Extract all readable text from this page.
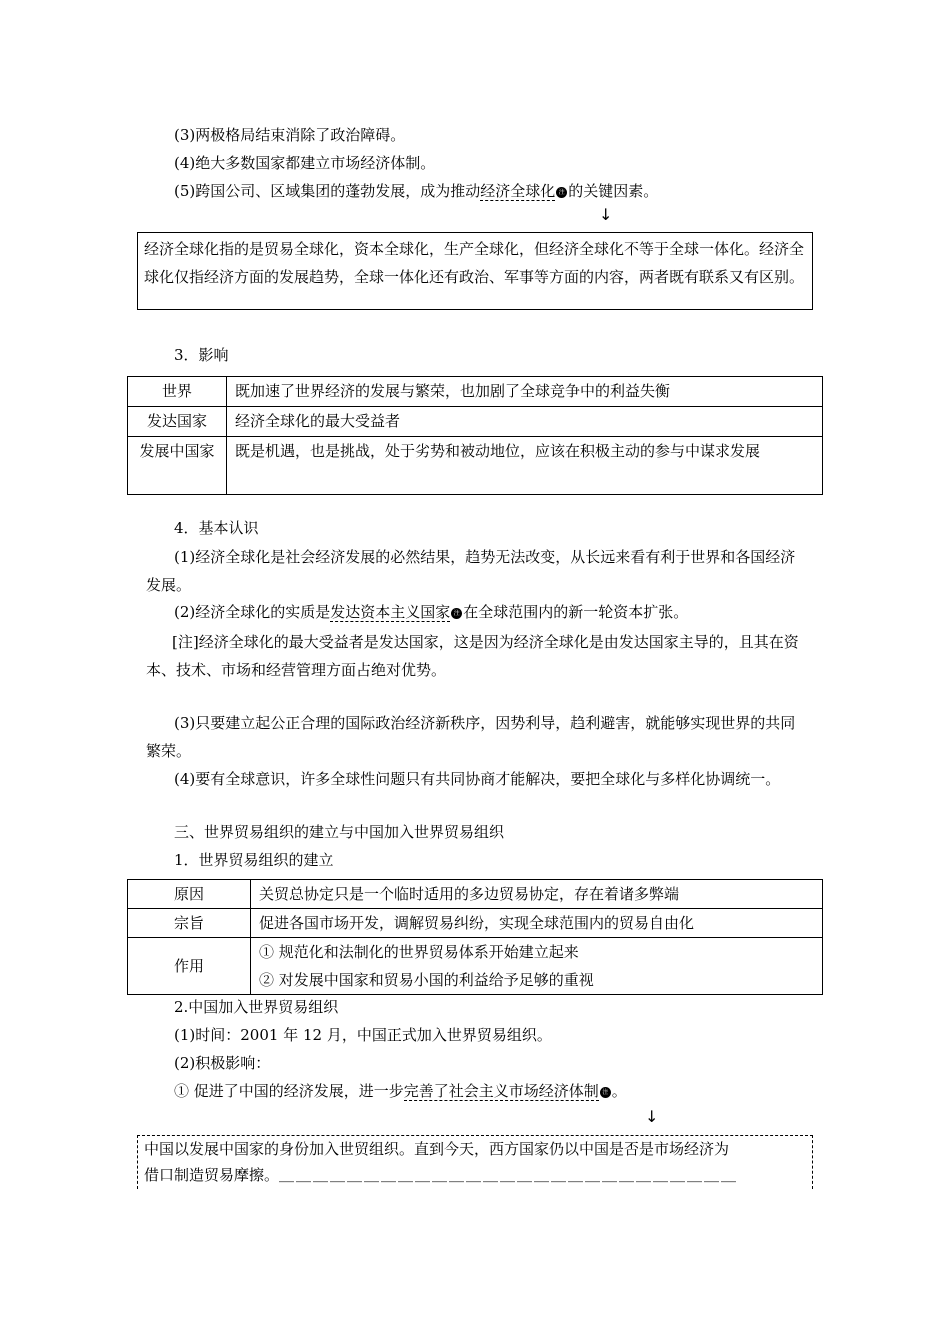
(3)两极格局结束消除了政治障碍。
(4)绝大多数国家都建立市场经济体制。
(5)跨国公司、区域集团的蓬勃发展，成为推动经济全球化 注 的关键因素。
↓
经济全球化指的是贸易全球化，资本全球化，生产全球化，但经济全球化不等于全球一体化。经济全球化仅指经济方面的发展趋势，全球一体化还有政治、军事等方面的内容，两者既有联系又有区别。
3．影响
世界	既加速了世界经济的发展与繁荣，也加剧了全球竞争中的利益失衡
发达国家	经济全球化的最大受益者
发展中国家	既是机遇，也是挑战，处于劣势和被动地位，应该在积极主动的参与中谋求发展
4．基本认识
(1)经济全球化是社会经济发展的必然结果，趋势无法改变，从长远来看有利于世界和各国经济发展。
(2)经济全球化的实质是发达资本主义国家 注 在全球范围内的新一轮资本扩张。
[注]经济全球化的最大受益者是发达国家，这是因为经济全球化是由发达国家主导的，且其在资本、技术、市场和经营管理方面占绝对优势。
(3)只要建立起公正合理的国际政治经济新秩序，因势利导，趋利避害，就能够实现世界的共同繁荣。
(4)要有全球意识，许多全球性问题只有共同协商才能解决，要把全球化与多样化协调统一。
三、世界贸易组织的建立与中国加入世界贸易组织
1．世界贸易组织的建立
原因	关贸总协定只是一个临时适用的多边贸易协定，存在着诸多弊端
宗旨	促进各国市场开发，调解贸易纠纷，实现全球范围内的贸易自由化
作用	① 规范化和法制化的世界贸易体系开始建立起来
② 对发展中国家和贸易小国的利益给予足够的重视
2.中国加入世界贸易组织
(1)时间：2001 年 12 月，中国正式加入世界贸易组织。
(2)积极影响：
① 促进了中国的经济发展，进一步完善了社会主义市场经济体制 注 。
↓
中国以发展中国家的身份加入世贸组织。直到今天，西方国家仍以中国是否是市场经济为
借口制造贸易摩擦。＿＿＿＿＿＿＿＿＿＿＿＿＿＿＿＿＿＿＿＿＿＿＿＿＿＿＿
